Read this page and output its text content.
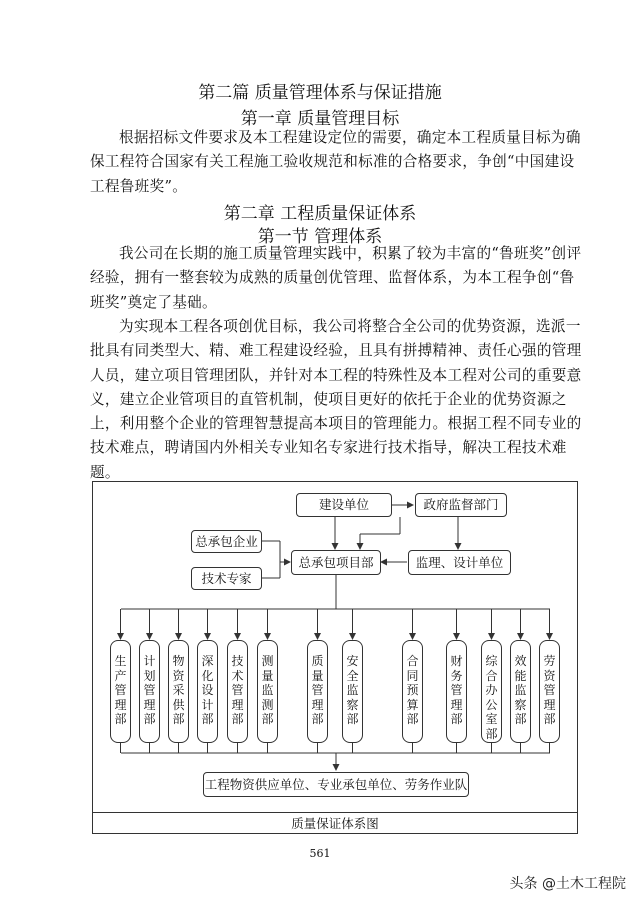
第二篇 质量管理体系与保证措施
第一章 质量管理目标

根据招标文件要求及本工程建设定位的需要，确定本工程质量目标为确保工程符合国家有关工程施工验收规范和标准的合格要求，争创“中国建设工程鲁班奖”。

第二章 工程质量保证体系
第一节 管理体系

我公司在长期的施工质量管理实践中，积累了较为丰富的“鲁班奖”创评经验，拥有一整套较为成熟的质量创优管理、监督体系，为本工程争创“鲁班奖”奠定了基础。

为实现本工程各项创优目标，我公司将整合全公司的优势资源，选派一批具有同类型大、精、难工程建设经验，且具有拼搏精神、责任心强的管理人员，建立项目管理团队，并针对本工程的特殊性及本工程对公司的重要意义，建立企业管项目的直管机制，使项目更好的依托于企业的优势资源之上，利用整个企业的管理智慧提高本项目的管理能力。根据工程不同专业的技术难点，聘请国内外相关专业知名专家进行技术指导，解决工程技术难题。

建设单位	政府监督部门
总承包企业
技术专家
总承包项目部	监理、设计单位
生产管理部
计划管理部
物资采供部
深化设计部
技术管理部
测量监测部
质量管理部
安全监察部
合同预算部
财务管理部
综合办公室部
效能监察部
劳资管理部
工程物资供应单位、专业承包单位、劳务作业队
质量保证体系图
561
头条 @土木工程院
